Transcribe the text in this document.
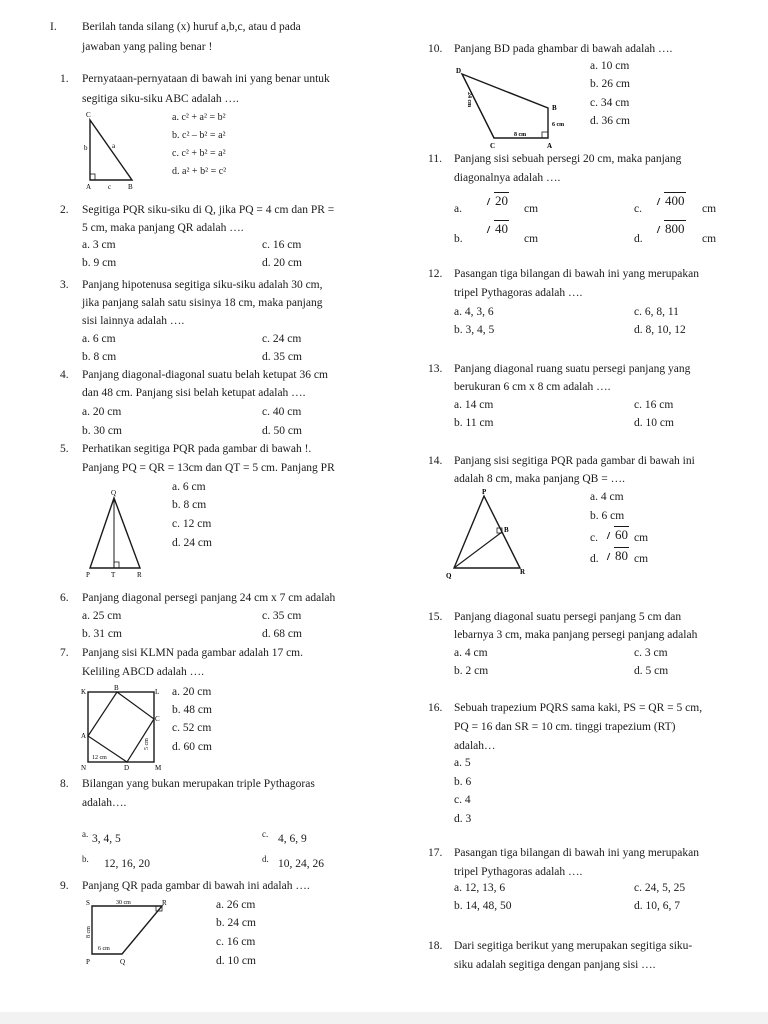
I. Berilah tanda silang (x) huruf a,b,c, atau d pada
jawaban yang paling benar !
1. Pernyataan-pernyataan di bawah ini yang benar untuk
segitiga siku-siku ABC adalah ….
C
b	a
A c B
a. c² + a² = b²
b. c² – b² = a²
c. c² + b² = a²
d. a² + b² = c²
2. Segitiga PQR siku-siku di Q, jika PQ = 4 cm dan PR =
5 cm, maka panjang QR adalah ….
a. 3 cm	c. 16 cm
b. 9 cm	d. 20 cm
3. Panjang hipotenusa segitiga siku-siku adalah 30 cm,
jika panjang salah satu sisinya 18 cm, maka panjang
sisi lainnya adalah ….
a. 6 cm	c. 24 cm
b. 8 cm	d. 35 cm
4. Panjang diagonal-diagonal suatu belah ketupat 36 cm
dan 48 cm. Panjang sisi belah ketupat adalah ….
a. 20 cm	c. 40 cm
b. 30 cm	d. 50 cm
5. Perhatikan segitiga PQR pada gambar di bawah !.
Panjang PQ = QR = 13cm dan QT = 5 cm. Panjang PR
Q
P	T	R
a. 6 cm
b. 8 cm
c. 12 cm
d. 24 cm
6. Panjang diagonal persegi panjang 24 cm x 7 cm adalah
a. 25 cm	c. 35 cm
b. 31 cm	d. 68 cm
7. Panjang sisi KLMN pada gambar adalah 17 cm.
Keliling ABCD adalah ….
K	B	L
A
C
N	D	M
12 cm
5 cm
a. 20 cm
b. 48 cm
c. 52 cm
d. 60 cm
8. Bilangan yang bukan merupakan triple Pythagoras
adalah….
a. 3, 4, 5	c. 4, 6, 9
b. 12, 16, 20	d. 10, 24, 26
9. Panjang QR pada gambar di bawah ini adalah ….
S	R
P	Q
30 cm
6 cm
8 cm
a. 26 cm
b. 24 cm
c. 16 cm
d. 10 cm
10. Panjang BD pada ghambar di bawah adalah ….
D
B
C	A
24 cm
6 cm
8 cm
a. 10 cm
b. 26 cm
c. 34 cm
d. 36 cm
11. Panjang sisi sebuah persegi 20 cm, maka panjang
diagonalnya adalah ….
a.
20
cm	c.
400
cm
b.
40
cm	d.
800
cm
12. Pasangan tiga bilangan di bawah ini yang merupakan
tripel Pythagoras adalah ….
a. 4, 3, 6	c. 6, 8, 11
b. 3, 4, 5	d. 8, 10, 12
13. Panjang diagonal ruang suatu persegi panjang yang
berukuran 6 cm x 8 cm adalah ….
a. 14 cm	c. 16 cm
b. 11 cm	d. 10 cm
14. Panjang sisi segitiga PQR pada gambar di bawah ini
adalah 8 cm, maka panjang QB = ….
P
B
Q	R
a. 4 cm
b. 6 cm
c.	60 cm
d.	80 cm
15. Panjang diagonal suatu persegi panjang 5 cm dan
lebarnya 3 cm, maka panjang persegi panjang adalah
a. 4 cm	c. 3 cm
b. 2 cm	d. 5 cm
16. Sebuah trapezium PQRS sama kaki, PS = QR = 5 cm,
PQ = 16 dan SR = 10 cm. tinggi trapezium (RT)
adalah…
a. 5
b. 6
c. 4
d. 3
17. Pasangan tiga bilangan di bawah ini yang merupakan
tripel Pythagoras adalah ….
a. 12, 13, 6	c. 24, 5, 25
b. 14, 48, 50	d. 10, 6, 7
18. Dari segitiga berikut yang merupakan segitiga siku-
siku adalah segitiga dengan panjang sisi ….
